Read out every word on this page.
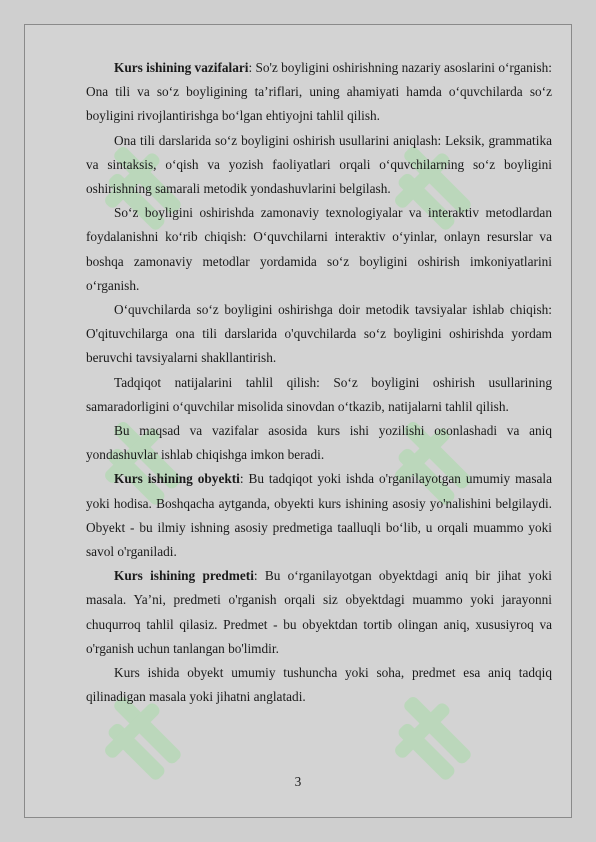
Kurs ishining vazifalari: So'z boyligini oshirishning nazariy asoslarini o‘rganish: Ona tili va so‘z boyligining ta’riflari, uning ahamiyati hamda o‘quvchilarda so‘z boyligini rivojlantirishga bo‘lgan ehtiyojni tahlil qilish.

Ona tili darslarida so‘z boyligini oshirish usullarini aniqlash: Leksik, grammatika va sintaksis, o‘qish va yozish faoliyatlari orqali o‘quvchilarning so‘z boyligini oshirishning samarali metodik yondashuvlarini belgilash.

So‘z boyligini oshirishda zamonaviy texnologiyalar va interaktiv metodlardan foydalanishni ko‘rib chiqish: O‘quvchilarni interaktiv o‘yinlar, onlayn resurslar va boshqa zamonaviy metodlar yordamida so‘z boyligini oshirish imkoniyatlarini o‘rganish.

O‘quvchilarda so‘z boyligini oshirishga doir metodik tavsiyalar ishlab chiqish: O'qituvchilarga ona tili darslarida o'quvchilarda so‘z boyligini oshirishda yordam beruvchi tavsiyalarni shakllantirish.

Tadqiqot natijalarini tahlil qilish: So‘z boyligini oshirish usullarining samaradorligini o‘quvchilar misolida sinovdan o‘tkazib, natijalarni tahlil qilish.

Bu maqsad va vazifalar asosida kurs ishi yozilishi osonlashadi va aniq yondashuvlar ishlab chiqishga imkon beradi.

Kurs ishining obyekti: Bu tadqiqot yoki ishda o'rganilayotgan umumiy masala yoki hodisa. Boshqacha aytganda, obyekti kurs ishining asosiy yo'nalishini belgilaydi. Obyekt - bu ilmiy ishning asosiy predmetiga taalluqli bo‘lib, u orqali muammo yoki savol o'rganiladi.

Kurs ishining predmeti: Bu o‘rganilayotgan obyektdagi aniq bir jihat yoki masala. Ya’ni, predmeti o'rganish orqali siz obyektdagi muammo yoki jarayonni chuqurroq tahlil qilasiz. Predmet - bu obyektdan tortib olingan aniq, xususiyroq va o'rganish uchun tanlangan bo'limdir.

Kurs ishida obyekt umumiy tushuncha yoki soha, predmet esa aniq tadqiq qilinadigan masala yoki jihatni anglatadi.

3
